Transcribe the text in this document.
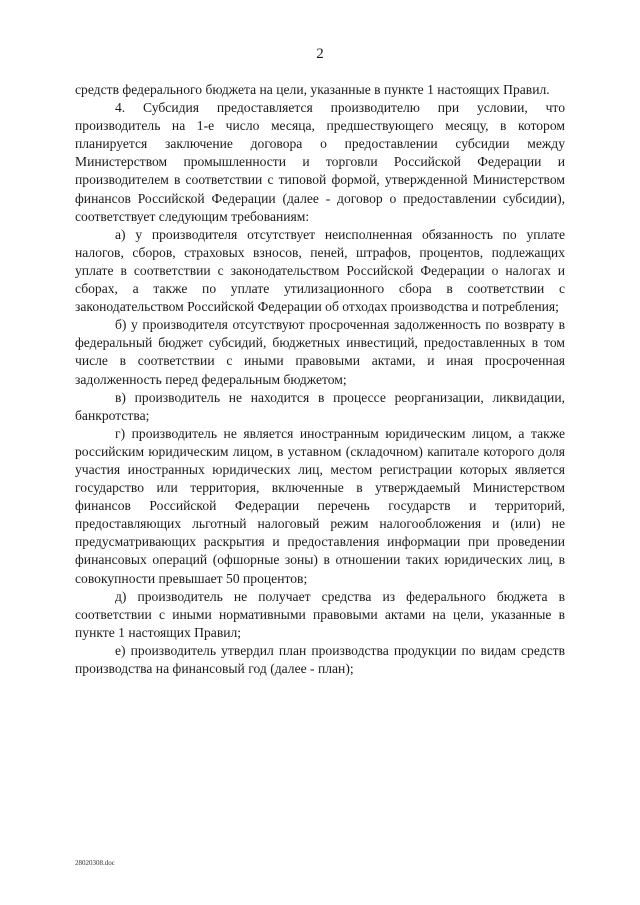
2

средств федерального бюджета на цели, указанные в пункте 1 настоящих Правил.

4. Субсидия предоставляется производителю при условии, что производитель на 1-е число месяца, предшествующего месяцу, в котором планируется заключение договора о предоставлении субсидии между Министерством промышленности и торговли Российской Федерации и производителем в соответствии с типовой формой, утвержденной Министерством финансов Российской Федерации (далее - договор о предоставлении субсидии), соответствует следующим требованиям:

а) у производителя отсутствует неисполненная обязанность по уплате налогов, сборов, страховых взносов, пеней, штрафов, процентов, подлежащих уплате в соответствии с законодательством Российской Федерации о налогах и сборах, а также по уплате утилизационного сбора в соответствии с законодательством Российской Федерации об отходах производства и потребления;

б) у производителя отсутствуют просроченная задолженность по возврату в федеральный бюджет субсидий, бюджетных инвестиций, предоставленных в том числе в соответствии с иными правовыми актами, и иная просроченная задолженность перед федеральным бюджетом;

в) производитель не находится в процессе реорганизации, ликвидации, банкротства;

г) производитель не является иностранным юридическим лицом, а также российским юридическим лицом, в уставном (складочном) капитале которого доля участия иностранных юридических лиц, местом регистрации которых является государство или территория, включенные в утверждаемый Министерством финансов Российской Федерации перечень государств и территорий, предоставляющих льготный налоговый режим налогообложения и (или) не предусматривающих раскрытия и предоставления информации при проведении финансовых операций (офшорные зоны) в отношении таких юридических лиц, в совокупности превышает 50 процентов;

д) производитель не получает средства из федерального бюджета в соответствии с иными нормативными правовыми актами на цели, указанные в пункте 1 настоящих Правил;

е) производитель утвердил план производства продукции по видам средств производства на финансовый год (далее - план);

28020308.doc
